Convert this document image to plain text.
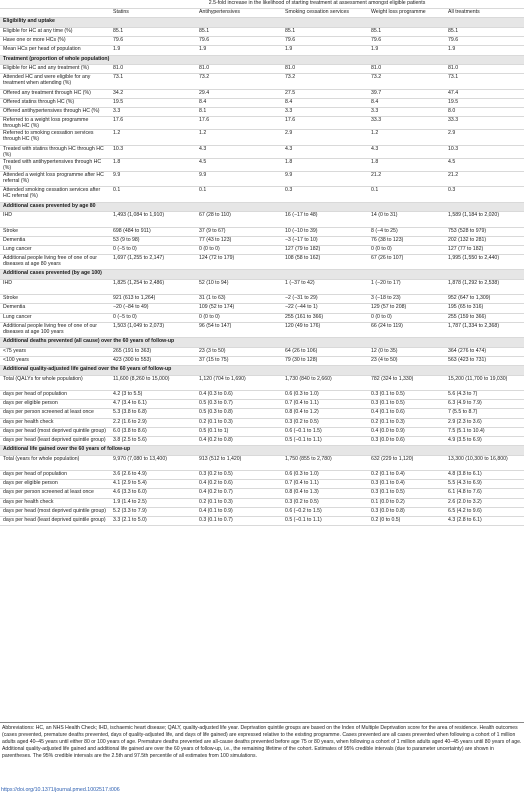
	2.5-fold increase in the likelihood of starting treatment at assessment amongst eligible patients				
	Statins	Antihypertensives	Smoking cessation services	Weight loss programme	All treatments
Eligibility and uptake					
Eligible for HC at any time (%)	85.1	85.1	85.1	85.1	85.1
Have one or more HCs (%)	79.6	79.6	79.6	79.6	79.6
Mean HCs per head of population	1.9	1.9	1.9	1.9	1.9
Treatment (proportion of whole population)					
Eligible for HC and any treatment (%)	81.0	81.0	81.0	81.0	81.0
Attended HC and were eligible for any treatment when attending (%)	73.1	73.2	73.2	73.2	73.1
Offered any treatment through HC (%)	34.2	29.4	27.5	39.7	47.4
Offered statins through HC (%)	19.5	8.4	8.4	8.4	19.5
Offered antihypertensives through HC (%)	3.3	8.1	3.3	3.3	8.0
Referred to a weight loss programme through HC (%)	17.6	17.6	17.6	33.3	33.3
Referred to smoking cessation services through HC (%)	1.2	1.2	2.9	1.2	2.9
Treated with statins through HC through HC (%)	10.3	4.3	4.3	4.3	10.3
Treated with antihypertensives through HC (%)	1.8	4.5	1.8	1.8	4.5
Attended a weight loss programme after HC referral (%)	9.9	9.9	9.9	21.2	21.2
Attended smoking cessation services after HC referral (%)	0.1	0.1	0.3	0.1	0.3
Additional cases prevented by age 80					
IHD	1,493 (1,084 to 1,910)	67 (28 to 110)	16 (−17 to 48)	14 (0 to 31)	1,589 (1,184 to 2,020)
Stroke	698 (484 to 911)	37 (9 to 67)	10 (−10 to 39)	8 (−4 to 25)	753 (528 to 979)
Dementia	53 (9 to 98)	77 (43 to 123)	−3 (−17 to 10)	76 (38 to 123)	202 (132 to 281)
Lung cancer	0 (−5 to 0)	0 (0 to 0)	127 (79 to 182)	0 (0 to 0)	127 (77 to 182)
Additional people living free of one of our diseases at age 80 years	1,697 (1,255 to 2,147)	124 (72 to 179)	108 (58 to 162)	67 (26 to 107)	1,995 (1,550 to 2,440)
Additional cases prevented (by age 100)					
IHD	1,825 (1,254 to 2,486)	52 (10 to 94)	1 (−37 to 42)	1 (−20 to 17)	1,878 (1,292 to 2,538)
Stroke	921 (613 to 1,264)	31 (1 to 63)	−2 (−31 to 29)	3 (−18 to 23)	952 (647 to 1,309)
Dementia	−20 (−84 to 49)	109 (52 to 174)	−22 (−44 to 1)	129 (57 to 208)	195 (65 to 316)
Lung cancer	0 (−5 to 0)	0 (0 to 0)	255 (161 to 366)	0 (0 to 0)	255 (159 to 366)
Additional people living free of one of our diseases at age 100 years	1,503 (1,049 to 2,073)	96 (54 to 147)	120 (49 to 176)	66 (24 to 119)	1,787 (1,334 to 2,368)
Additional deaths prevented (all cause) over the 60 years of follow-up					
<75 years	265 (191 to 363)	23 (3 to 50)	64 (26 to 106)	12 (0 to 35)	364 (276 to 474)
<100 years	423 (300 to 553)	37 (15 to 75)	79 (30 to 128)	23 (4 to 50)	563 (423 to 731)
Additional quality-adjusted life gained over the 60 years of follow-up					
Total (QALYs for whole population)	11,600 (8,260 to 15,000)	1,120 (704 to 1,690)	1,730 (840 to 2,660)	782 (324 to 1,330)	15,200 (11,700 to 19,030)
days per head of population	4.2 (3 to 5.5)	0.4 (0.3 to 0.6)	0.6 (0.3 to 1.0)	0.3 (0.1 to 0.5)	5.6 (4.3 to 7)
days per eligible person	4.7 (3.4 to 6.1)	0.5 (0.3 to 0.7)	0.7 (0.4 to 1.1)	0.3 (0.1 to 0.5)	6.3 (4.9 to 7.9)
days per person screened at least once	5.3 (3.8 to 6.8)	0.5 (0.3 to 0.8)	0.8 (0.4 to 1.2)	0.4 (0.1 to 0.6)	7 (5.5 to 8.7)
days per health check	2.2 (1.6 to 2.9)	0.2 (0.1 to 0.3)	0.3 (0.2 to 0.5)	0.2 (0.1 to 0.3)	2.9 (2.3 to 3.6)
days per head (most deprived quintile group)	6.0 (3.8 to 8.6)	0.5 (0.1 to 1)	0.6 (−0.1 to 1.5)	0.4 (0.0 to 0.9)	7.5 (5.1 to 10.4)
days per head (least deprived quintile group)	3.8 (2.5 to 5.6)	0.4 (0.2 to 0.8)	0.5 (−0.1 to 1.1)	0.3 (0.0 to 0.6)	4.9 (3.5 to 6.9)
Additional life gained over the 60 years of follow-up					
Total (years for whole population)	9,970 (7,080 to 13,400)	913 (512 to 1,420)	1,750 (855 to 2,780)	632 (229 to 1,120)	13,300 (10,300 to 16,800)
days per head of population	3.6 (2.6 to 4.9)	0.3 (0.2 to 0.5)	0.6 (0.3 to 1.0)	0.2 (0.1 to 0.4)	4.8 (3.8 to 6.1)
days per eligible person	4.1 (2.9 to 5.4)	0.4 (0.2 to 0.6)	0.7 (0.4 to 1.1)	0.3 (0.1 to 0.4)	5.5 (4.3 to 6.9)
days per person screened at least once	4.6 (3.3 to 6.0)	0.4 (0.2 to 0.7)	0.8 (0.4 to 1.3)	0.3 (0.1 to 0.5)	6.1 (4.8 to 7.6)
days per health check	1.9 (1.4 to 2.5)	0.2 (0.1 to 0.3)	0.3 (0.2 to 0.5)	0.1 (0.0 to 0.2)	2.6 (2.0 to 3.2)
days per head (most deprived quintile group)	5.2 (3.3 to 7.9)	0.4 (0.1 to 0.9)	0.6 (−0.2 to 1.5)	0.3 (0.0 to 0.8)	6.5 (4.2 to 9.6)
days per head (least deprived quintile group)	3.3 (2.1 to 5.0)	0.3 (0.1 to 0.7)	0.5 (−0.1 to 1.1)	0.2 (0 to 0.5)	4.3 (2.8 to 6.1)
Abbreviations: HC, an NHS Health Check; IHD, ischaemic heart disease; QALY, quality-adjusted life year. Deprivation quintile groups are based on the Index of Multiple Deprivation score for the area of residence. Health outcomes (cases prevented, premature deaths prevented, days of quality-adjusted life, and days of life gained) are expressed relative to the existing programme. Cases prevented are all cases prevented when following a cohort of 1 million adults aged 40–45 years until either 80 or 100 years of age. Premature deaths prevented are all-cause deaths prevented before age 75 or 80 years, when following a cohort of 1 million adults aged 40–45 years until 80 years of age. Additional quality-adjusted life gained and additional life gained are over the 60 years of follow-up, i.e., the remaining lifetime of the cohort. Estimates of 95% credible intervals (due to parameter uncertainty) are shown in parentheses. The 95% credible intervals are the 2.5th and 97.5th percentile of all estimates from 100 simulations.
https://doi.org/10.1371/journal.pmed.1002517.t006
